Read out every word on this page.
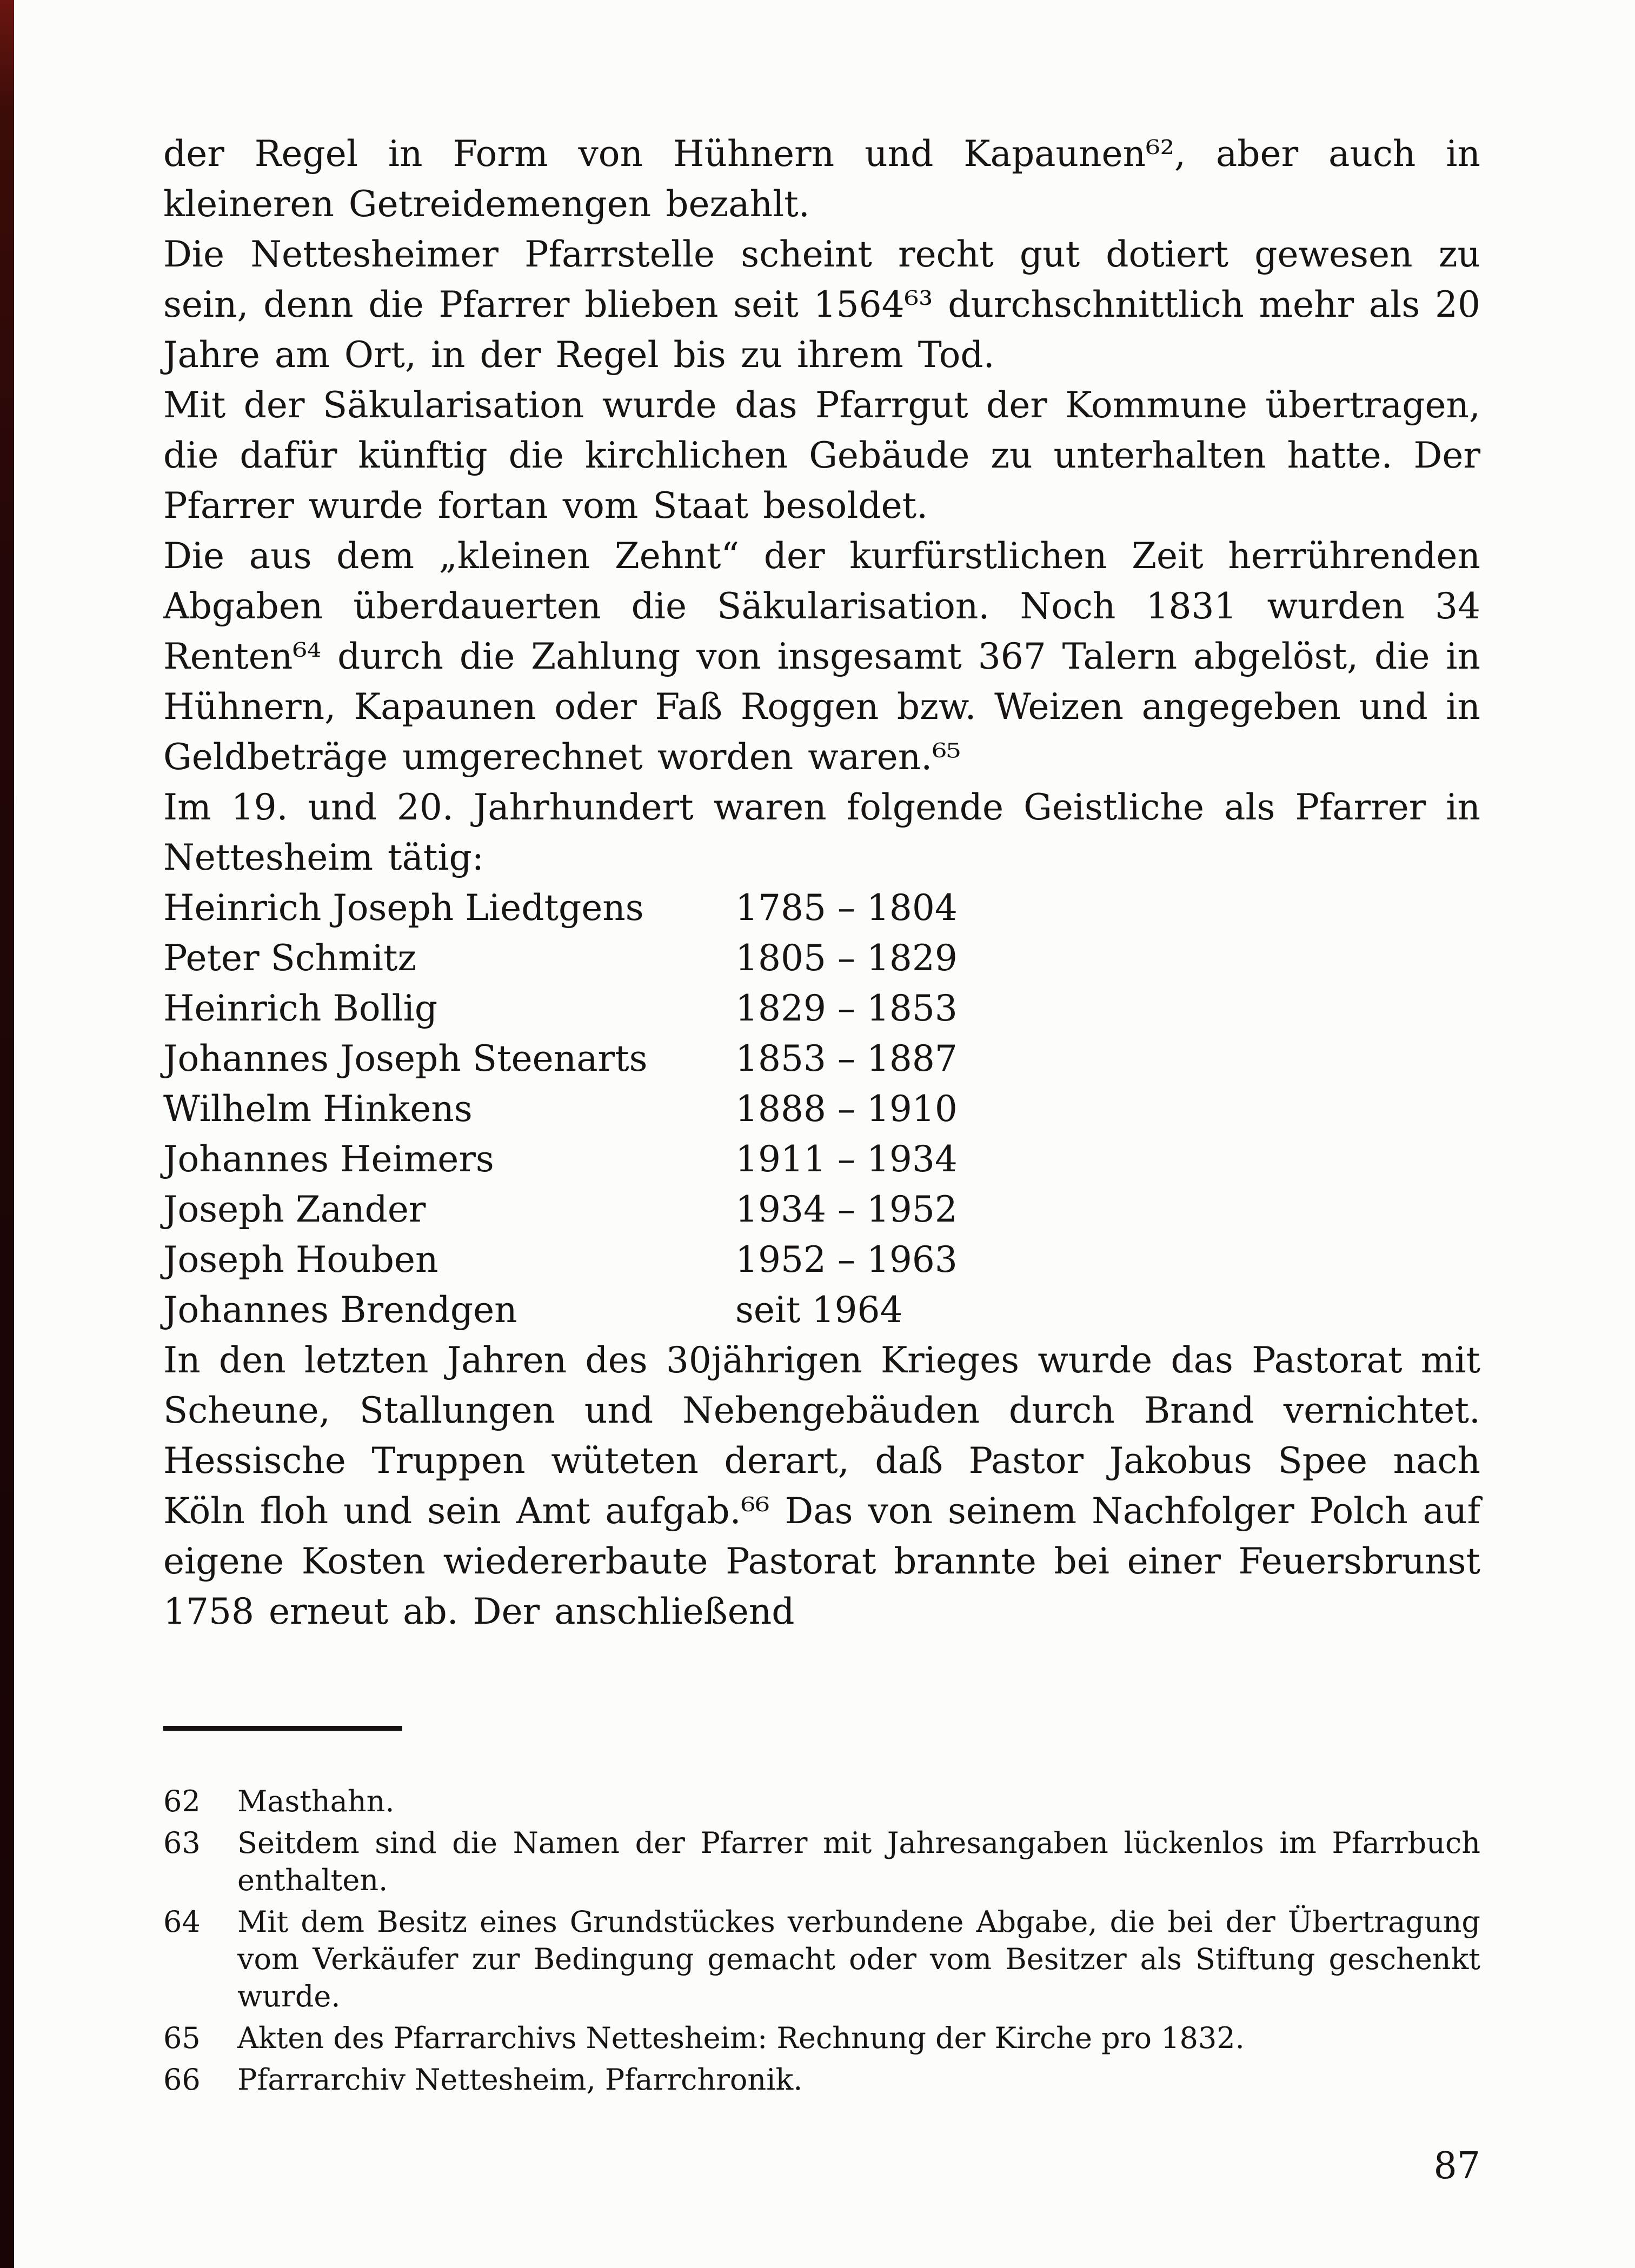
der Regel in Form von Hühnern und Kapaunen⁶², aber auch in kleineren Getreidemengen bezahlt.

Die Nettesheimer Pfarrstelle scheint recht gut dotiert gewesen zu sein, denn die Pfarrer blieben seit 1564⁶³ durchschnittlich mehr als 20 Jahre am Ort, in der Regel bis zu ihrem Tod.

Mit der Säkularisation wurde das Pfarrgut der Kommune übertragen, die dafür künftig die kirchlichen Gebäude zu unterhalten hatte. Der Pfarrer wurde fortan vom Staat besoldet.

Die aus dem „kleinen Zehnt“ der kurfürstlichen Zeit herrührenden Abgaben überdauerten die Säkularisation. Noch 1831 wurden 34 Renten⁶⁴ durch die Zahlung von insgesamt 367 Talern abgelöst, die in Hühnern, Kapaunen oder Faß Roggen bzw. Weizen angegeben und in Geldbeträge umgerechnet worden waren.⁶⁵

Im 19. und 20. Jahrhundert waren folgende Geistliche als Pfarrer in Nettesheim tätig:

Heinrich Joseph Liedtgens	1785 – 1804
Peter Schmitz	1805 – 1829
Heinrich Bollig	1829 – 1853
Johannes Joseph Steenarts	1853 – 1887
Wilhelm Hinkens	1888 – 1910
Johannes Heimers	1911 – 1934
Joseph Zander	1934 – 1952
Joseph Houben	1952 – 1963
Johannes Brendgen	seit 1964

In den letzten Jahren des 30jährigen Krieges wurde das Pastorat mit Scheune, Stallungen und Nebengebäuden durch Brand vernichtet. Hessische Truppen wüteten derart, daß Pastor Jakobus Spee nach Köln floh und sein Amt aufgab.⁶⁶ Das von seinem Nachfolger Polch auf eigene Kosten wiedererbaute Pastorat brannte bei einer Feuersbrunst 1758 erneut ab. Der anschließend

62	Masthahn.
63	Seitdem sind die Namen der Pfarrer mit Jahresangaben lückenlos im Pfarrbuch enthalten.
64	Mit dem Besitz eines Grundstückes verbundene Abgabe, die bei der Übertragung vom Verkäufer zur Bedingung gemacht oder vom Besitzer als Stiftung geschenkt wurde.
65	Akten des Pfarrarchivs Nettesheim: Rechnung der Kirche pro 1832.
66	Pfarrarchiv Nettesheim, Pfarrchronik.
87
